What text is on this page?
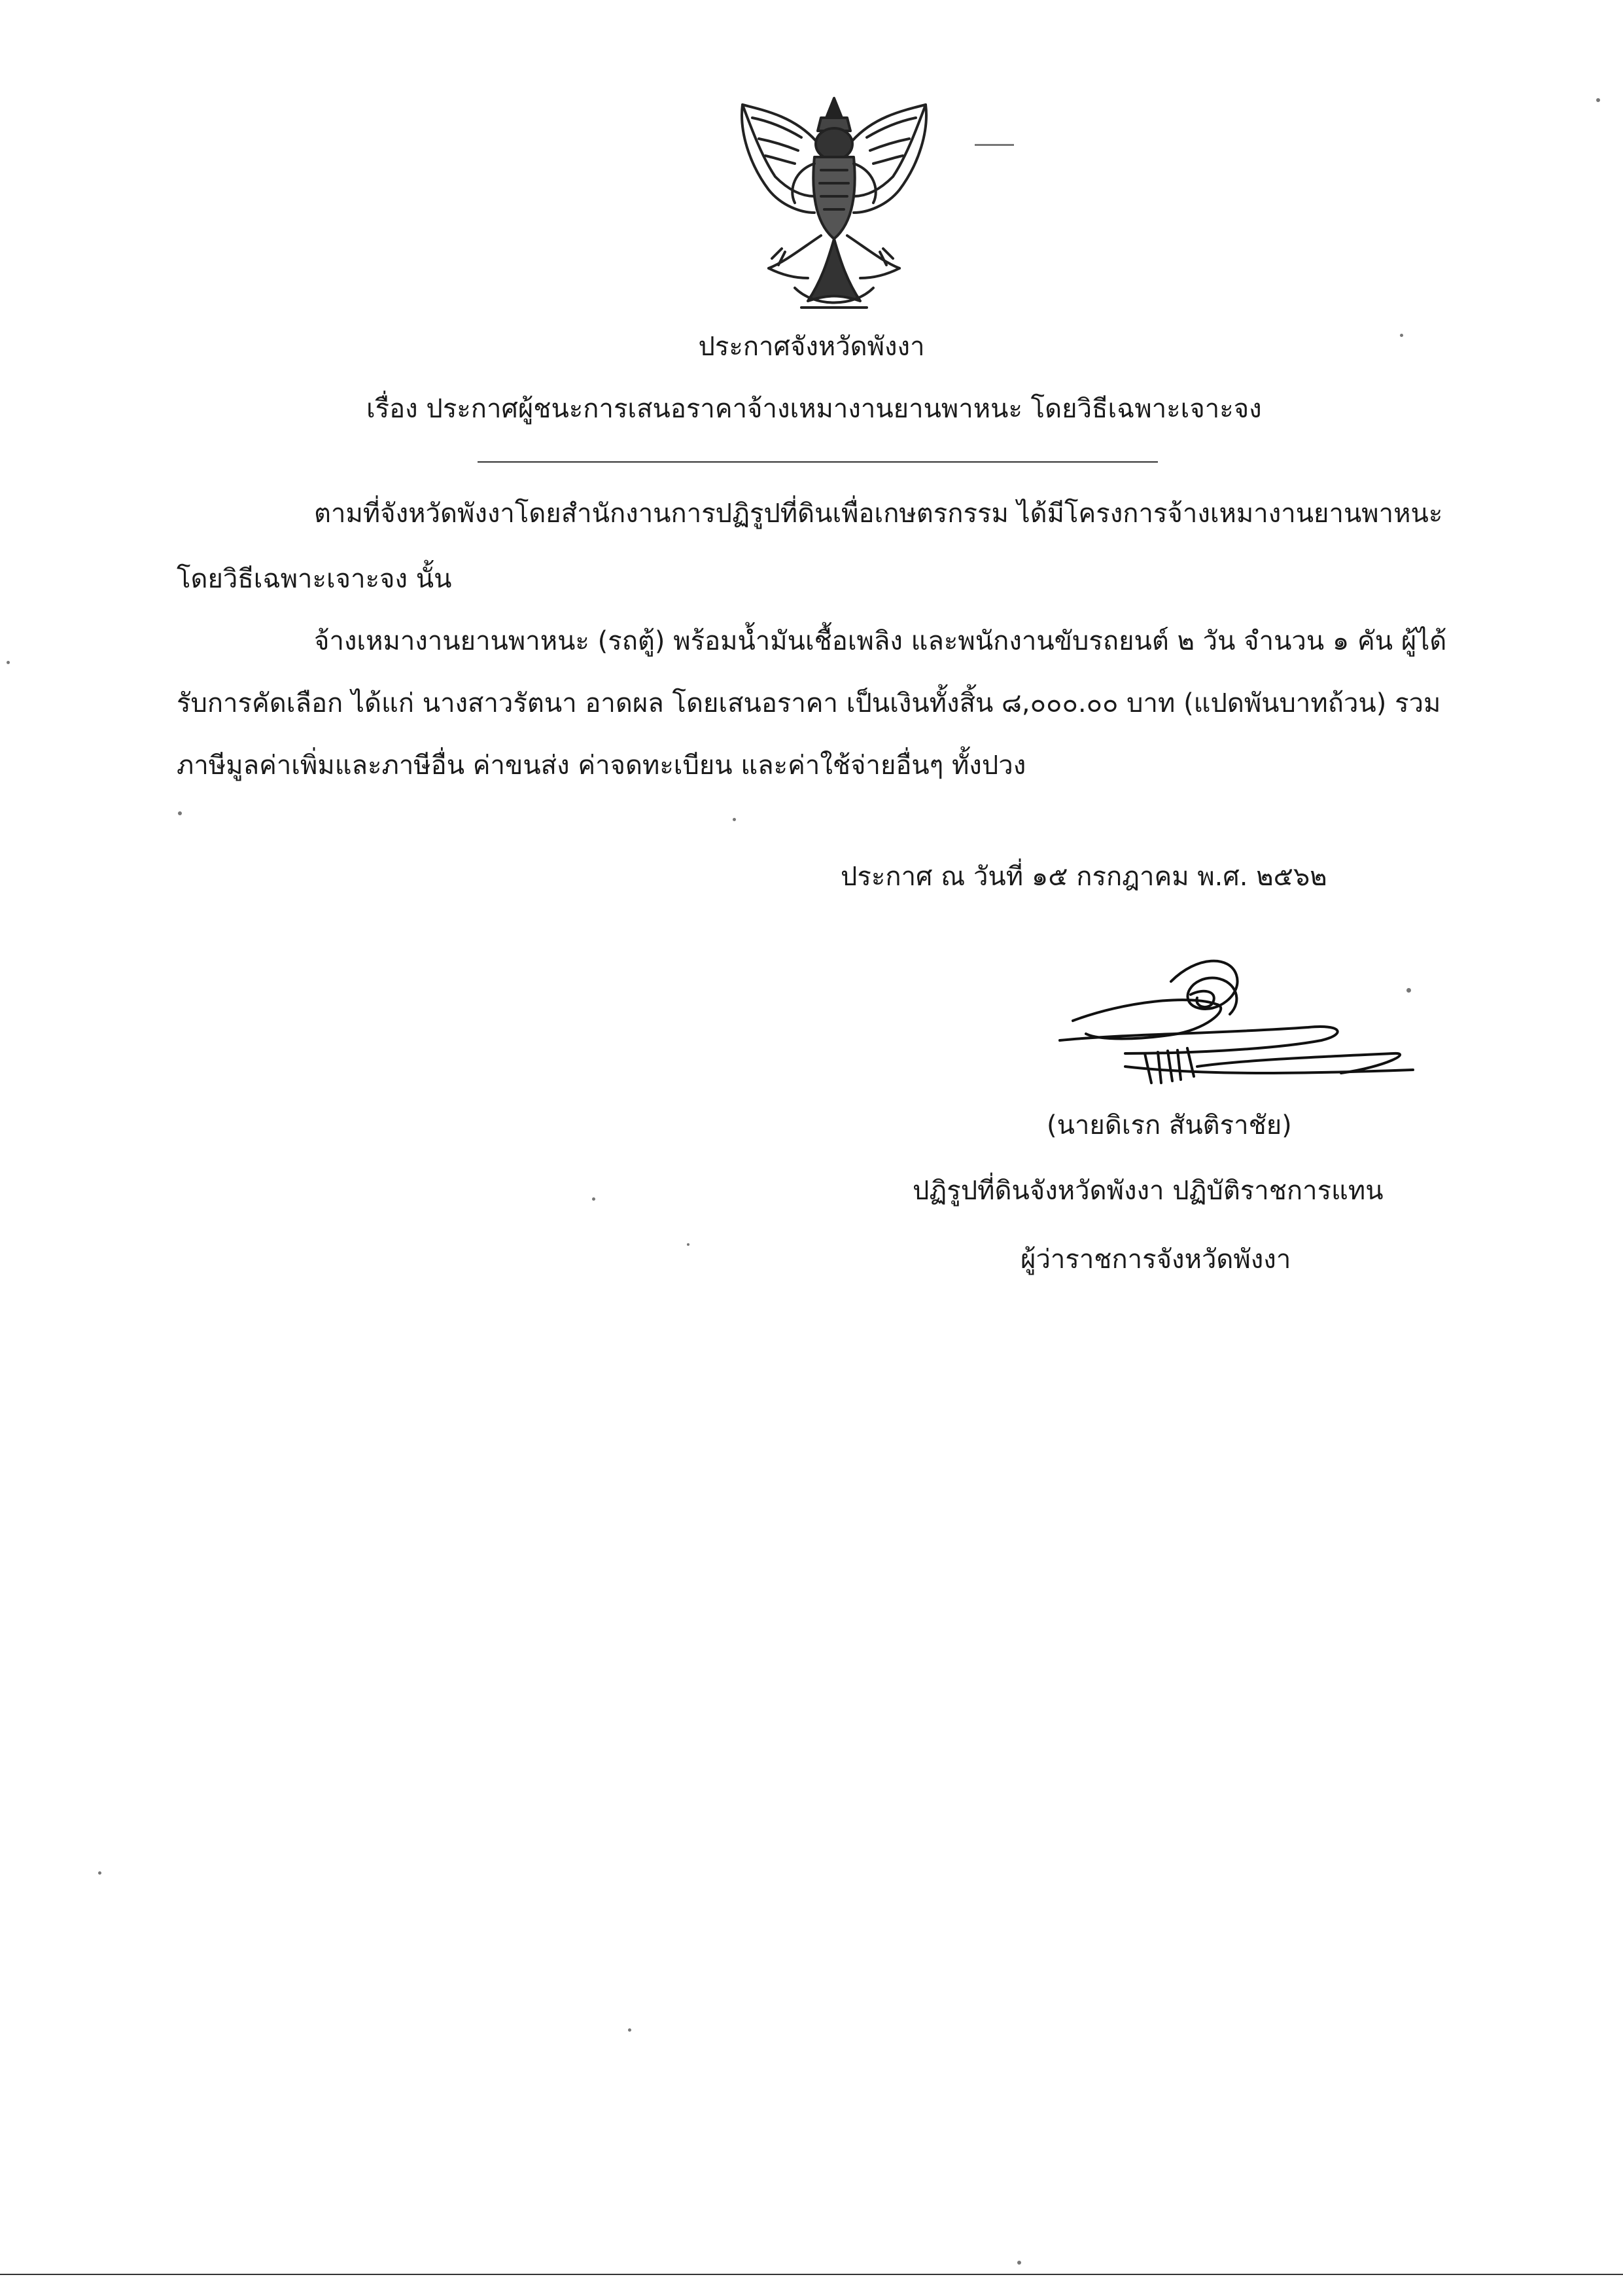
ประกาศจังหวัดพังงา
เรื่อง ประกาศผู้ชนะการเสนอราคาจ้างเหมางานยานพาหนะ โดยวิธีเฉพาะเจาะจง
ตามที่จังหวัดพังงาโดยสำนักงานการปฏิรูปที่ดินเพื่อเกษตรกรรม ได้มีโครงการจ้างเหมางานยานพาหนะ
โดยวิธีเฉพาะเจาะจง นั้น
จ้างเหมางานยานพาหนะ (รถตู้) พร้อมน้ำมันเชื้อเพลิง และพนักงานขับรถยนต์ ๒ วัน จำนวน ๑ คัน ผู้ได้
รับการคัดเลือก ได้แก่ นางสาวรัตนา อาดผล โดยเสนอราคา เป็นเงินทั้งสิ้น ๘,๐๐๐.๐๐ บาท (แปดพันบาทถ้วน) รวม
ภาษีมูลค่าเพิ่มและภาษีอื่น ค่าขนส่ง ค่าจดทะเบียน และค่าใช้จ่ายอื่นๆ ทั้งปวง
ประกาศ ณ วันที่ ๑๕ กรกฎาคม พ.ศ. ๒๕๖๒
(นายดิเรก สันติราชัย)
ปฏิรูปที่ดินจังหวัดพังงา ปฏิบัติราชการแทน
ผู้ว่าราชการจังหวัดพังงา
